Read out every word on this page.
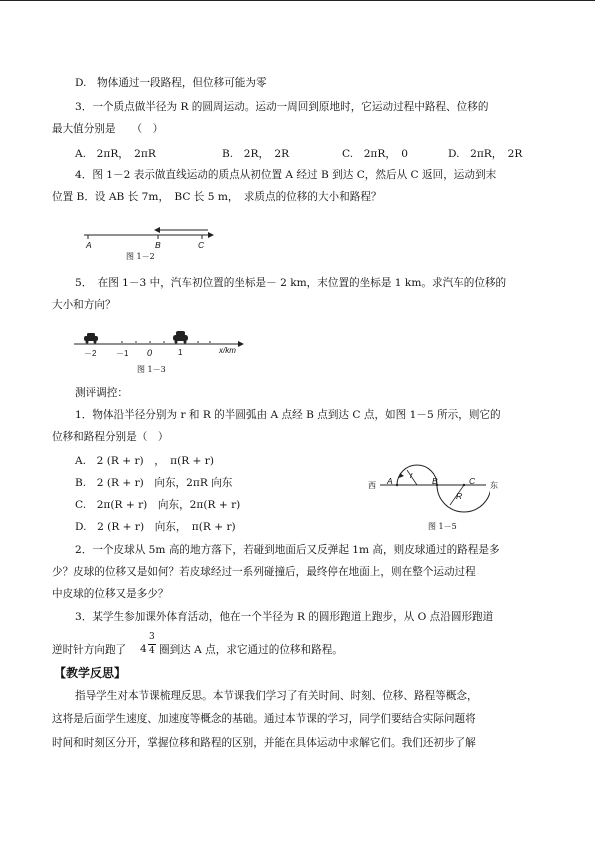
D.　物体通过一段路程，但位移可能为零
3．一个质点做半径为 R 的圆周运动。运动一周回到原地时，它运动过程中路程、位移的
最大值分别是　　（　）
A.　2πR，　2πR	B.　2R，　2R	C.　2πR，　0	D.　2πR，　2R
4．图 1－2 表示做直线运动的质点从初位置 A 经过 B 到达 C，然后从 C 返回，运动到末
位置 B．设 AB 长 7m，　BC 长 5 m，　求质点的位移的大小和路程？
A	B	C
图 1－2
5．　在图 1－3 中，汽车初位置的坐标是－ 2 km，末位置的坐标是 1 km。求汽车的位移的
大小和方向？
－2 －1 0	1	x/km
图 1－3
测评调控：
1．物体沿半径分别为 r 和 R 的半圆弧由 A 点经 B 点到达 C 点，如图 1－5 所示，则它的
位移和路程分别是（　）
A.　2 (R + r)　，　π(R + r)
B.　2 (R + r)　向东，2πR 向东
C.　2π(R + r)　向东，2π(R + r)
D.　2 (R + r)　向东，　π(R + r)
西 A
r
B	C
R
东
图 1－5
2．一个皮球从 5m 高的地方落下，若碰到地面后又反弹起 1m 高，则皮球通过的路程是多
少？皮球的位移又是如何？若皮球经过一系列碰撞后，最终停在地面上，则在整个运动过程
中皮球的位移又是多少？
3．某学生参加课外体育活动，他在一个半径为 R 的圆形跑道上跑步，从 O 点沿圆形跑道
逆时针方向跑了 4
3
4 圈到达 A 点，求它通过的位移和路程。
【教学反思】
指导学生对本节课梳理反思。本节课我们学习了有关时间、时刻、位移、路程等概念，
这将是后面学生速度、加速度等概念的基础。通过本节课的学习，同学们要结合实际问题将
时间和时刻区分开，掌握位移和路程的区别，并能在具体运动中求解它们。我们还初步了解
